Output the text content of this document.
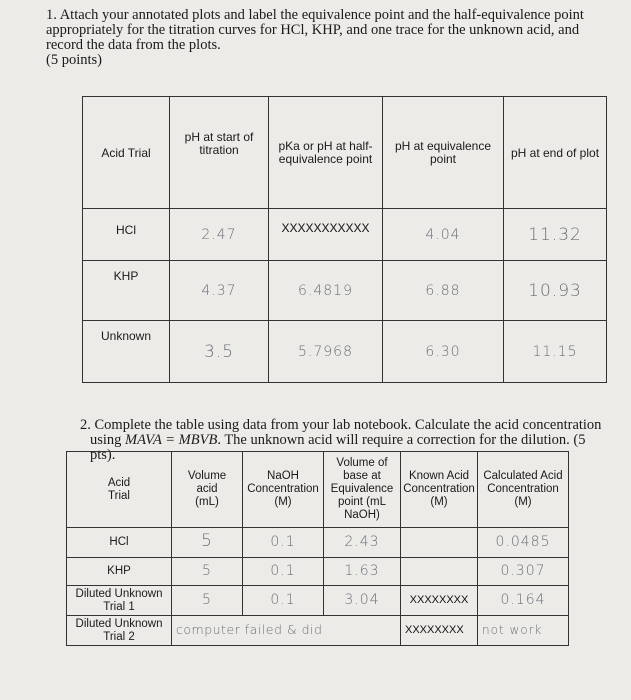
1. Attach your annotated plots and label the equivalence point and the half-equivalence point appropriately for the titration curves for HCl, KHP, and one trace for the unknown acid, and record the data from the plots.
(5 points)
Acid Trial	pH at start of titration	pKa or pH at half-equivalence point	pH at equivalence point	pH at end of plot

HCl	2.47	XXXXXXXXXXX	4.04	11.32

KHP	4.37	6.4819	6.88	10.93

Unknown	3.5	5.7968	6.30	11.15
2. Complete the table using data from your lab notebook. Calculate the acid concentration
using MAVA = MBVB. The unknown acid will require a correction for the dilution. (5 pts).
Acid Trial	Volume acid (mL)	NaOH Concentration (M)	Volume of base at Equivalence point (mL NaOH)	Known Acid Concentration (M)	Calculated Acid Concentration (M)
HCl	5	0.1	2.43		0.0485
KHP	5	0.1	1.63		0.307

Diluted Unknown Trial 1	5	0.1	3.04	XXXXXXXX	0.164

Diluted Unknown Trial 2	computer failed & did			XXXXXXXX	not work
